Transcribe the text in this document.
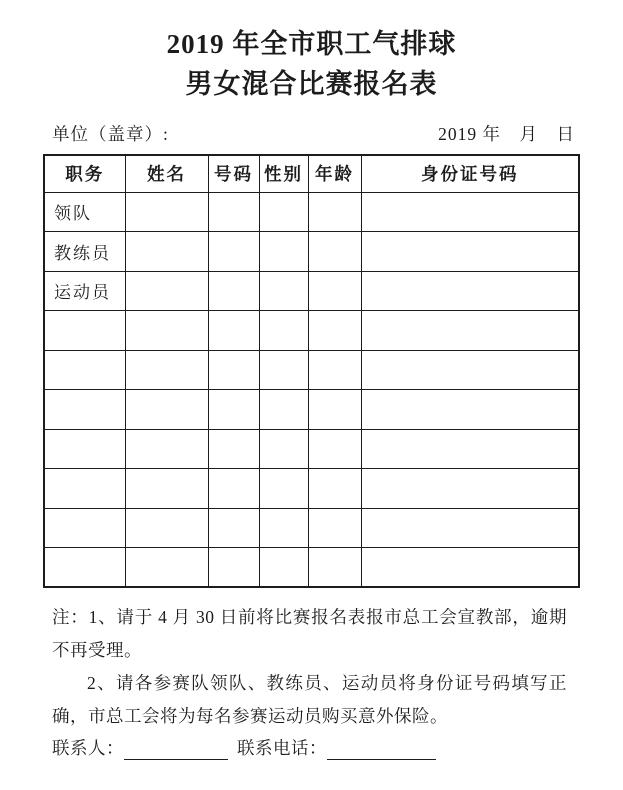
2019 年全市职工气排球
男女混合比赛报名表
单位（盖章）:	2019 年　月　日
职务	姓名	号码	性别	年龄	身份证号码
领队					
教练员					
运动员					

注：1、请于 4 月 30 日前将比赛报名表报市总工会宣教部，逾期不再受理。

2、请各参赛队领队、教练员、运动员将身份证号码填写正确，市总工会将为每名参赛运动员购买意外保险。

联系人：	联系电话：
